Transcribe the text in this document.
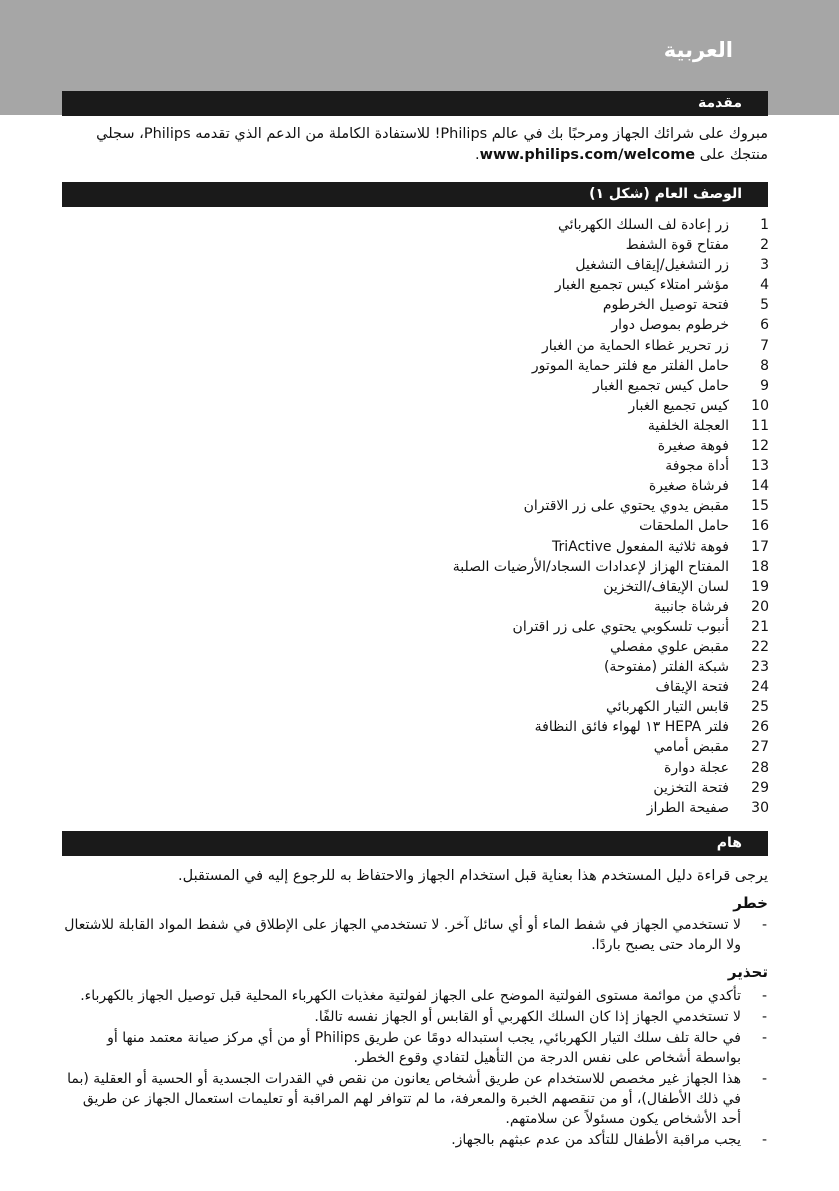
العربية
مقدمة
مبروك على شرائك الجهاز ومرحبًا بك في عالم Philips! للاستفادة الكاملة من الدعم الذي تقدمه Philips، سجلي منتجك على www.philips.com/welcome.
الوصف العام (شكل ١)
1زر إعادة لف السلك الكهربائي
2مفتاح قوة الشفط
3زر التشغيل/إيقاف التشغيل
4مؤشر امتلاء كيس تجميع الغبار
5فتحة توصيل الخرطوم
6خرطوم بموصل دوار
7زر تحرير غطاء الحماية من الغبار
8حامل الفلتر مع فلتر حماية الموتور
9حامل كيس تجميع الغبار
10كيس تجميع الغبار
11العجلة الخلفية
12فوهة صغيرة
13أداة مجوفة
14فرشاة صغيرة
15مقبض يدوي يحتوي على زر الاقتران
16حامل الملحقات
17فوهة ثلاثية المفعول TriActive
18المفتاح الهزاز لإعدادات السجاد/الأرضيات الصلبة
19لسان الإيقاف/التخزين
20فرشاة جانبية
21أنبوب تلسكوبي يحتوي على زر اقتران
22مقبض علوي مفصلي
23شبكة الفلتر (مفتوحة)
24فتحة الإيقاف
25قابس التيار الكهربائي
26فلتر HEPA ١٣ لهواء فائق النظافة
27مقبض أمامي
28عجلة دوارة
29فتحة التخزين
30صفيحة الطراز
هام
يرجى قراءة دليل المستخدم هذا بعناية قبل استخدام الجهاز والاحتفاظ به للرجوع إليه في المستقبل.
خطر
-
لا تستخدمي الجهاز في شفط الماء أو أي سائل آخر. لا تستخدمي الجهاز على الإطلاق في شفط المواد القابلة للاشتعال ولا الرماد حتى يصبح باردًا.
تحذير
-
تأكدي من موائمة مستوى الفولتية الموضح على الجهاز لفولتية مغذيات الكهرباء المحلية قبل توصيل الجهاز بالكهرباء.
-
لا تستخدمي الجهاز إذا كان السلك الكهربي أو القابس أو الجهاز نفسه تالفًا.
-
في حالة تلف سلك التيار الكهربائي, يجب استبداله دومًا عن طريق Philips أو من أي مركز صيانة معتمد منها أو بواسطة أشخاص على نفس الدرجة من التأهيل لتفادي وقوع الخطر.
-
هذا الجهاز غير مخصص للاستخدام عن طريق أشخاص يعانون من نقص في القدرات الجسدية أو الحسية أو العقلية (بما في ذلك الأطفال)، أو من تنقصهم الخبرة والمعرفة، ما لم تتوافر لهم المراقبة أو تعليمات استعمال الجهاز عن طريق أحد الأشخاص يكون مسئولاً عن سلامتهم.
-
يجب مراقبة الأطفال للتأكد من عدم عبثهم بالجهاز.
